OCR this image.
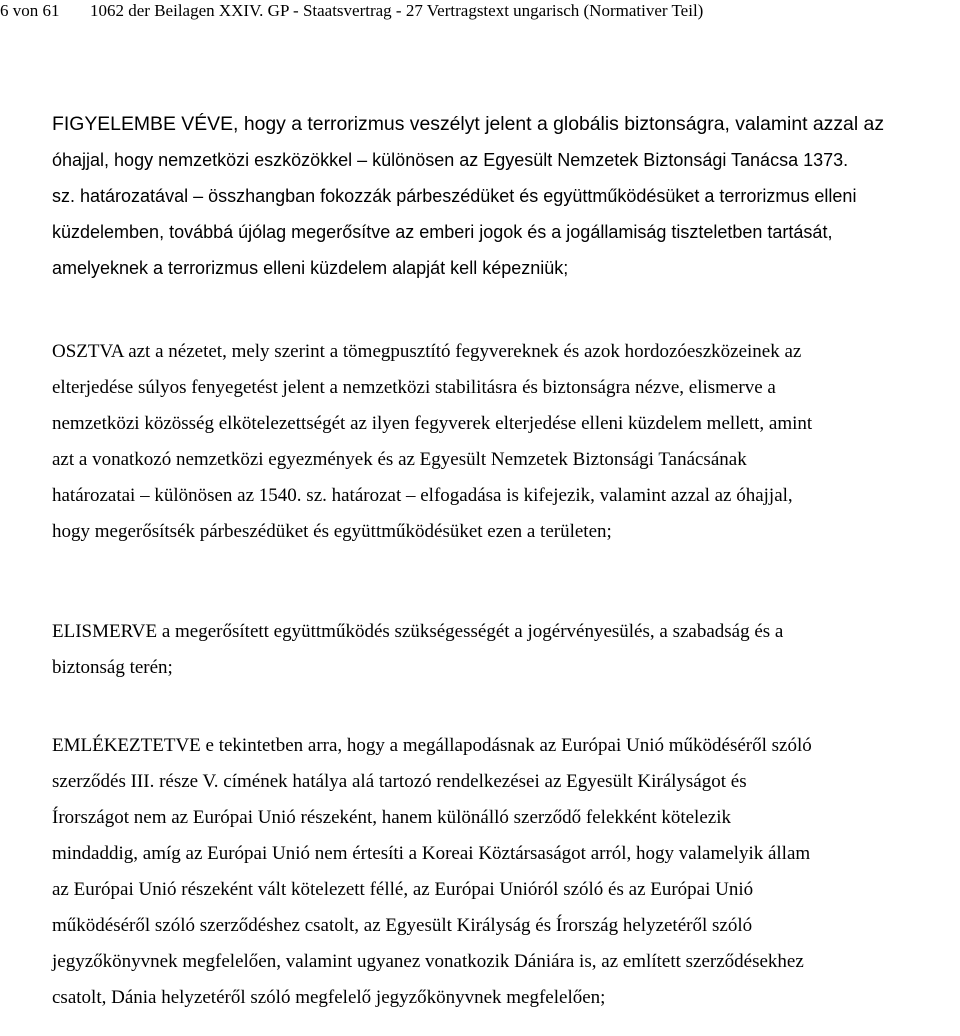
6 von 61 1062 der Beilagen XXIV. GP - Staatsvertrag - 27 Vertragstext ungarisch (Normativer Teil)

FIGYELEMBE VÉVE, hogy a terrorizmus veszélyt jelent a globális biztonságra, valamint azzal az
óhajjal, hogy nemzetközi eszközökkel – különösen az Egyesült Nemzetek Biztonsági Tanácsa 1373.
sz. határozatával – összhangban fokozzák párbeszédüket és együttműködésüket a terrorizmus elleni
küzdelemben, továbbá újólag megerősítve az emberi jogok és a jogállamiság tiszteletben tartását,
amelyeknek a terrorizmus elleni küzdelem alapját kell képezniük;

OSZTVA azt a nézetet, mely szerint a tömegpusztító fegyvereknek és azok hordozóeszközeinek az
elterjedése súlyos fenyegetést jelent a nemzetközi stabilitásra és biztonságra nézve, elismerve a
nemzetközi közösség elkötelezettségét az ilyen fegyverek elterjedése elleni küzdelem mellett, amint
azt a vonatkozó nemzetközi egyezmények és az Egyesült Nemzetek Biztonsági Tanácsának
határozatai – különösen az 1540. sz. határozat – elfogadása is kifejezik, valamint azzal az óhajjal,
hogy megerősítsék párbeszédüket és együttműködésüket ezen a területen;

ELISMERVE a megerősített együttműködés szükségességét a jogérvényesülés, a szabadság és a
biztonság terén;

EMLÉKEZTETVE e tekintetben arra, hogy a megállapodásnak az Európai Unió működéséről szóló
szerződés III. része V. címének hatálya alá tartozó rendelkezései az Egyesült Királyságot és
Írországot nem az Európai Unió részeként, hanem különálló szerződő felekként kötelezik
mindaddig, amíg az Európai Unió nem értesíti a Koreai Köztársaságot arról, hogy valamelyik állam
az Európai Unió részeként vált kötelezett féllé, az Európai Unióról szóló és az Európai Unió
működéséről szóló szerződéshez csatolt, az Egyesült Királyság és Írország helyzetéről szóló
jegyzőkönyvnek megfelelően, valamint ugyanez vonatkozik Dániára is, az említett szerződésekhez
csatolt, Dánia helyzetéről szóló megfelelő jegyzőkönyvnek megfelelően;
